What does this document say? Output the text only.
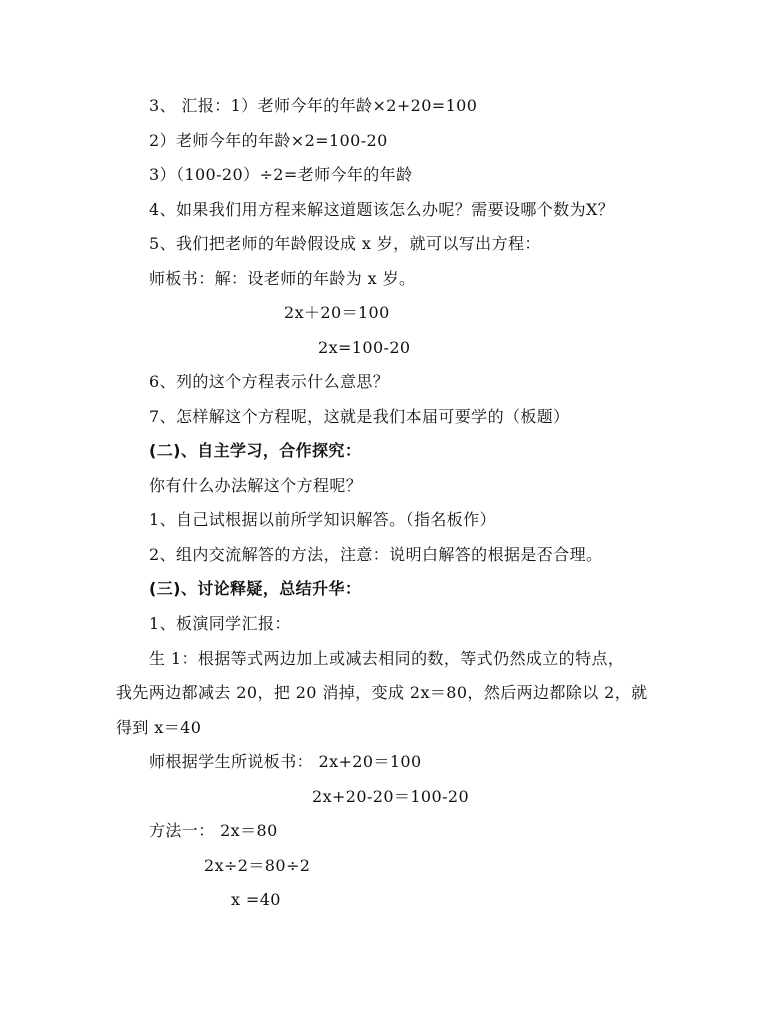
3、 汇报：1）老师今年的年龄×2+20=100
2）老师今年的年龄×2=100-20
3）（100-20）÷2=老师今年的年龄
4、如果我们用方程来解这道题该怎么办呢？需要设哪个数为X？
5、我们把老师的年龄假设成 x 岁，就可以写出方程：
师板书：解：设老师的年龄为 x 岁。
2x＋20＝100
2x=100-20
6、列的这个方程表示什么意思？
7、怎样解这个方程呢，这就是我们本届可要学的（板题）
(二)、自主学习，合作探究：
你有什么办法解这个方程呢？
1、自己试根据以前所学知识解答。（指名板作）
2、组内交流解答的方法，注意：说明白解答的根据是否合理。
(三)、讨论释疑，总结升华：
1、板演同学汇报：
生 1：根据等式两边加上或减去相同的数，等式仍然成立的特点，
我先两边都减去 20，把 20 消掉，变成 2x＝80，然后两边都除以 2，就
得到 x＝40
师根据学生所说板书： 2x+20＝100
2x+20-20＝100-20
方法一： 2x＝80
2x÷2＝80÷2
x =40
